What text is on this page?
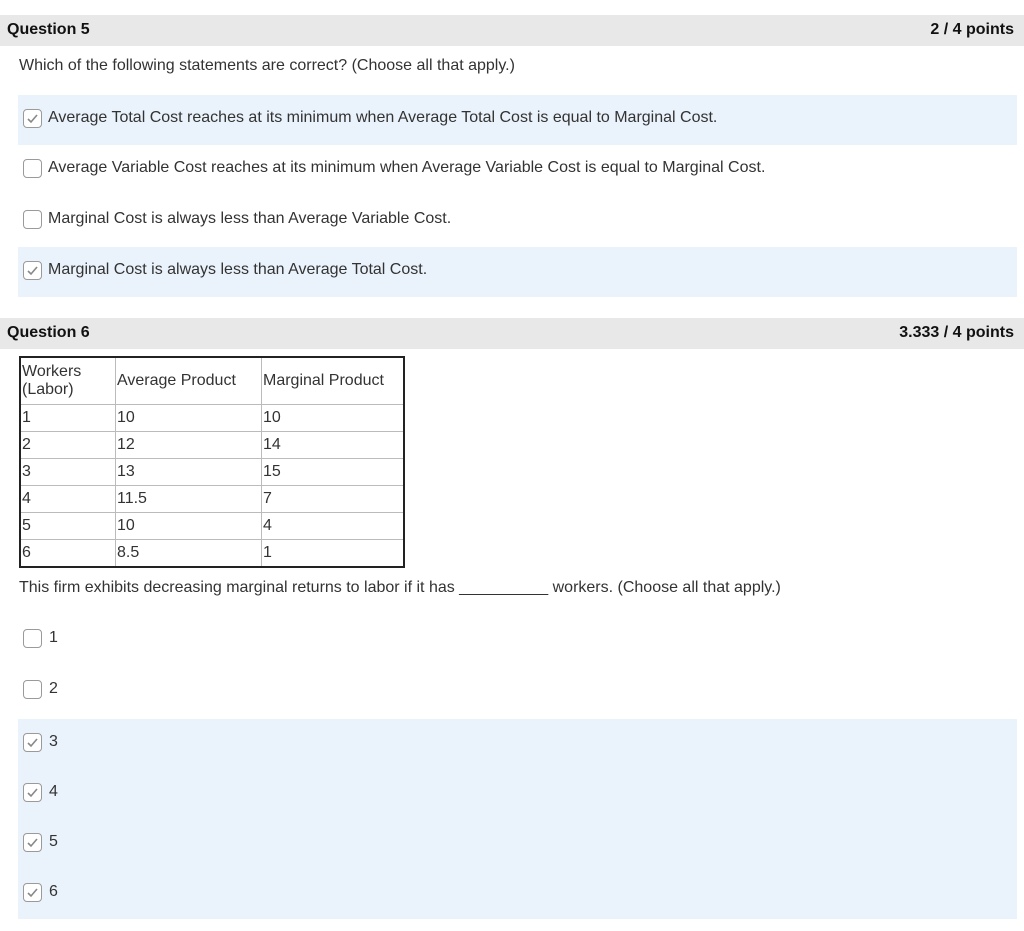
Question 5	2 / 4 points
Which of the following statements are correct? (Choose all that apply.)
Average Total Cost reaches at its minimum when Average Total Cost is equal to Marginal Cost.
Average Variable Cost reaches at its minimum when Average Variable Cost is equal to Marginal Cost.
Marginal Cost is always less than Average Variable Cost.
Marginal Cost is always less than Average Total Cost.
Question 6	3.333 / 4 points
Workers (Labor)	Average Product	Marginal Product
1	10	10
2	12	14
3	13	15
4	11.5	7
5	10	4
6	8.5	1
This firm exhibits decreasing marginal returns to labor if it has __________ workers. (Choose all that apply.)
1
2
3
4
5
6
